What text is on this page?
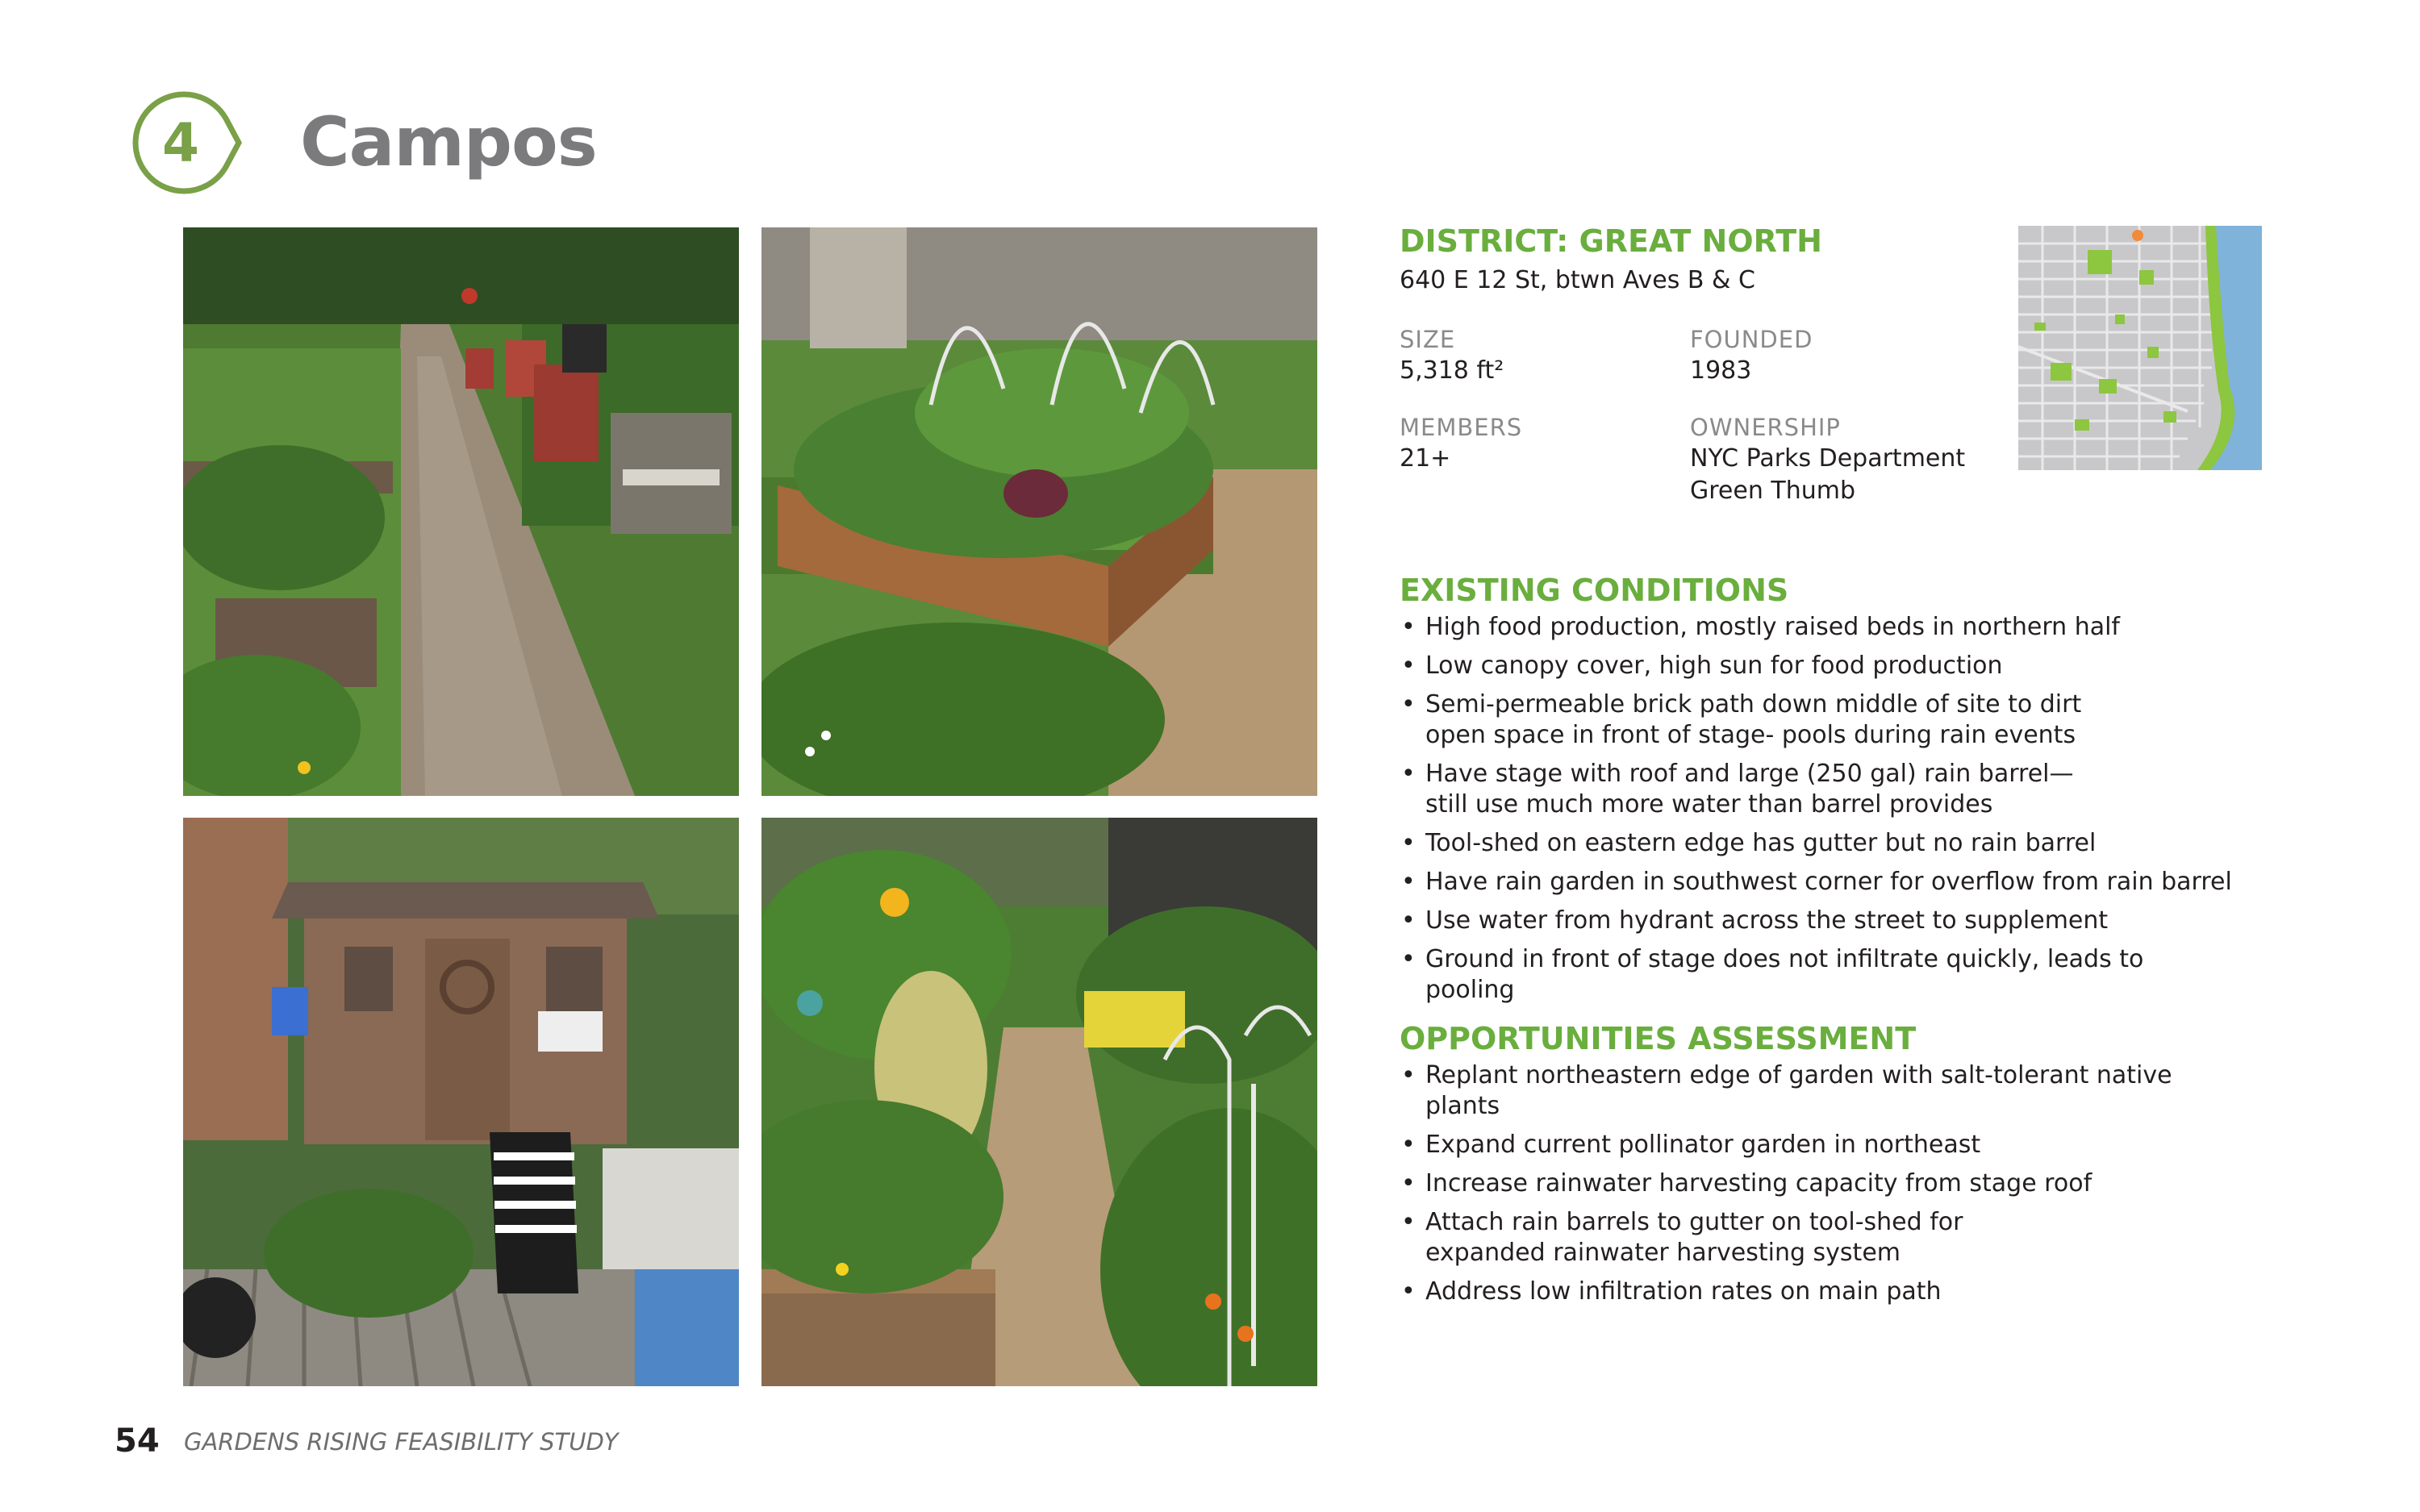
4	Campos
DISTRICT: GREAT NORTH

640 E 12 St, btwn Aves B & C

SIZE

5,318 ft²

FOUNDED

1983

MEMBERS

21+

OWNERSHIP

NYC Parks Department

Green Thumb

EXISTING CONDITIONS
• High food production, mostly raised beds in northern half
• Low canopy cover, high sun for food production
• Semi-permeable brick path down middle of site to dirt open space in front of stage- pools during rain events
• Have stage with roof and large (250 gal) rain barrel— still use much more water than barrel provides
• Tool-shed on eastern edge has gutter but no rain barrel
• Have rain garden in southwest corner for overflow from rain barrel
• Use water from hydrant across the street to supplement
• Ground in front of stage does not infiltrate quickly, leads to pooling
OPPORTUNITIES ASSESSMENT
• Replant northeastern edge of garden with salt-tolerant native plants
• Expand current pollinator garden in northeast
• Increase rainwater harvesting capacity from stage roof
• Attach rain barrels to gutter on tool-shed for expanded rainwater harvesting system
• Address low infiltration rates on main path
54 GARDENS RISING FEASIBILITY STUDY
